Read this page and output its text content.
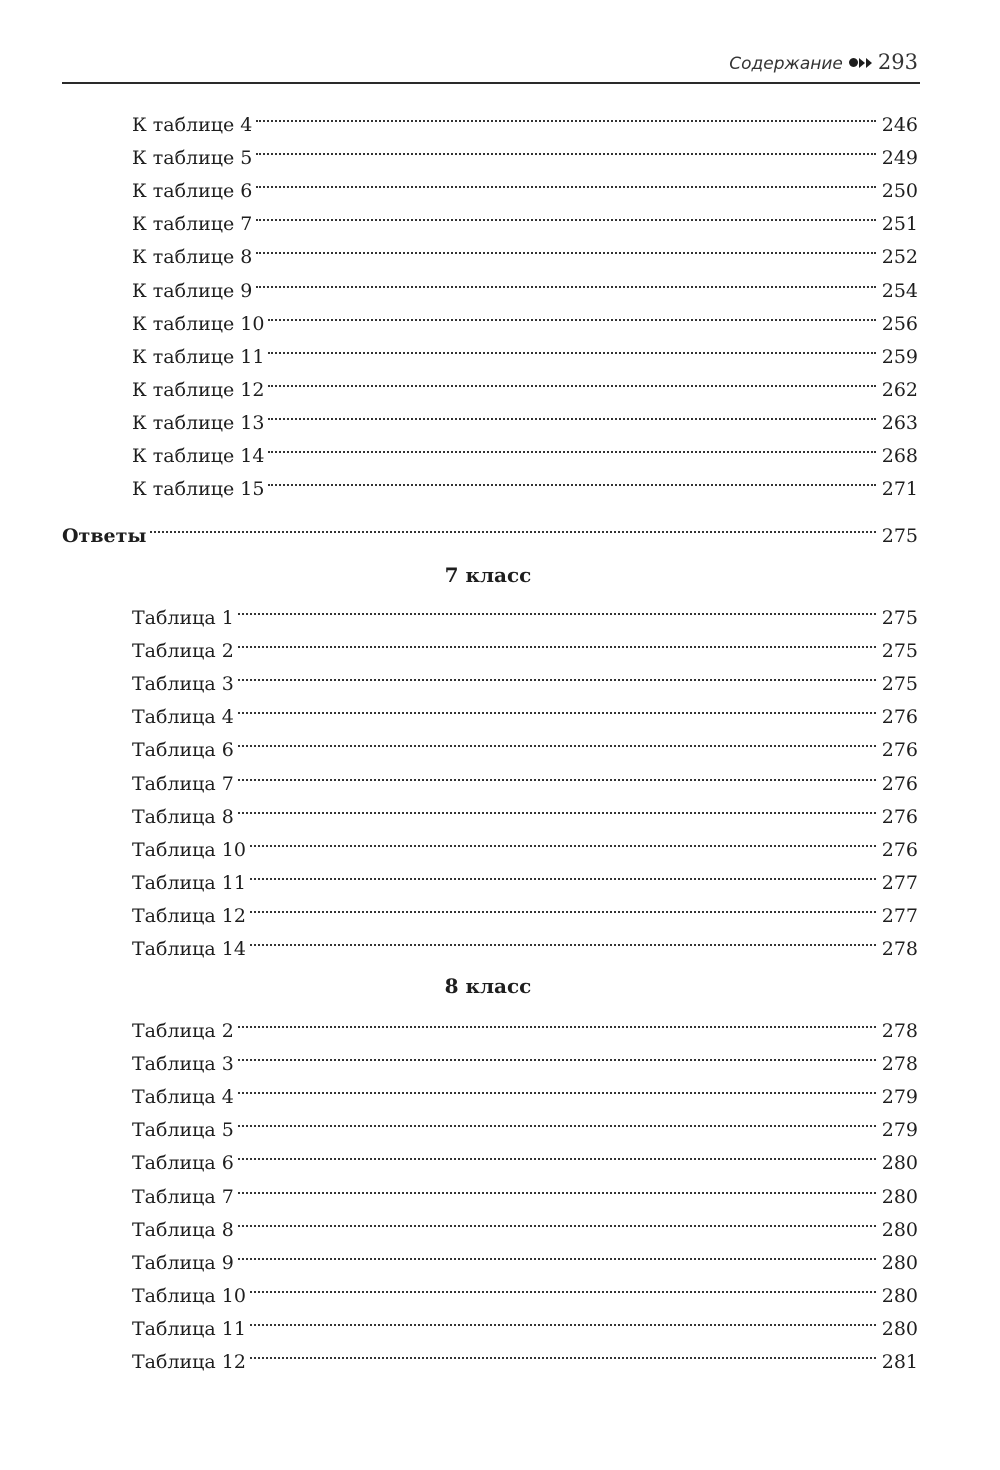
Содержание 293
7 класс
8 класс
К таблице 4	246
К таблице 5	249
К таблице 6	250
К таблице 7	251
К таблице 8	252
К таблице 9	254
К таблице 10	256
К таблице 11	259
К таблице 12	262
К таблице 13	263
К таблице 14	268
К таблице 15	271
Ответы	275
Таблица 1	275
Таблица 2	275
Таблица 3	275
Таблица 4	276
Таблица 6	276
Таблица 7	276
Таблица 8	276
Таблица 10	276
Таблица 11	277
Таблица 12	277
Таблица 14	278
Таблица 2	278
Таблица 3	278
Таблица 4	279
Таблица 5	279
Таблица 6	280
Таблица 7	280
Таблица 8	280
Таблица 9	280
Таблица 10	280
Таблица 11	280
Таблица 12	281
